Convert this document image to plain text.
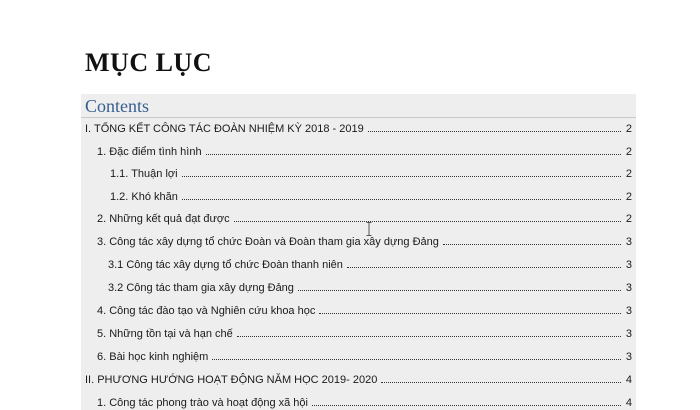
MỤC LỤC
Contents
I. TỔNG KẾT CÔNG TÁC ĐOÀN NHIỆM KỲ 2018 - 2019	2
1. Đặc điểm tình hình	2
1.1. Thuận lợi	2
1.2. Khó khăn	2
2. Những kết quả đạt được	2
3. Công tác xây dựng tổ chức Đoàn và Đoàn tham gia xây dựng Đảng	3
3.1 Công tác xây dựng tổ chức Đoàn thanh niên	3
3.2 Công tác tham gia xây dựng Đảng	3
4. Công tác đào tạo và Nghiên cứu khoa học	3
5. Những tồn tại và hạn chế	3
6. Bài học kinh nghiệm	3
II. PHƯƠNG HƯỚNG HOẠT ĐỘNG NĂM HỌC 2019- 2020	4
1. Công tác phong trào và hoạt động xã hội	4
